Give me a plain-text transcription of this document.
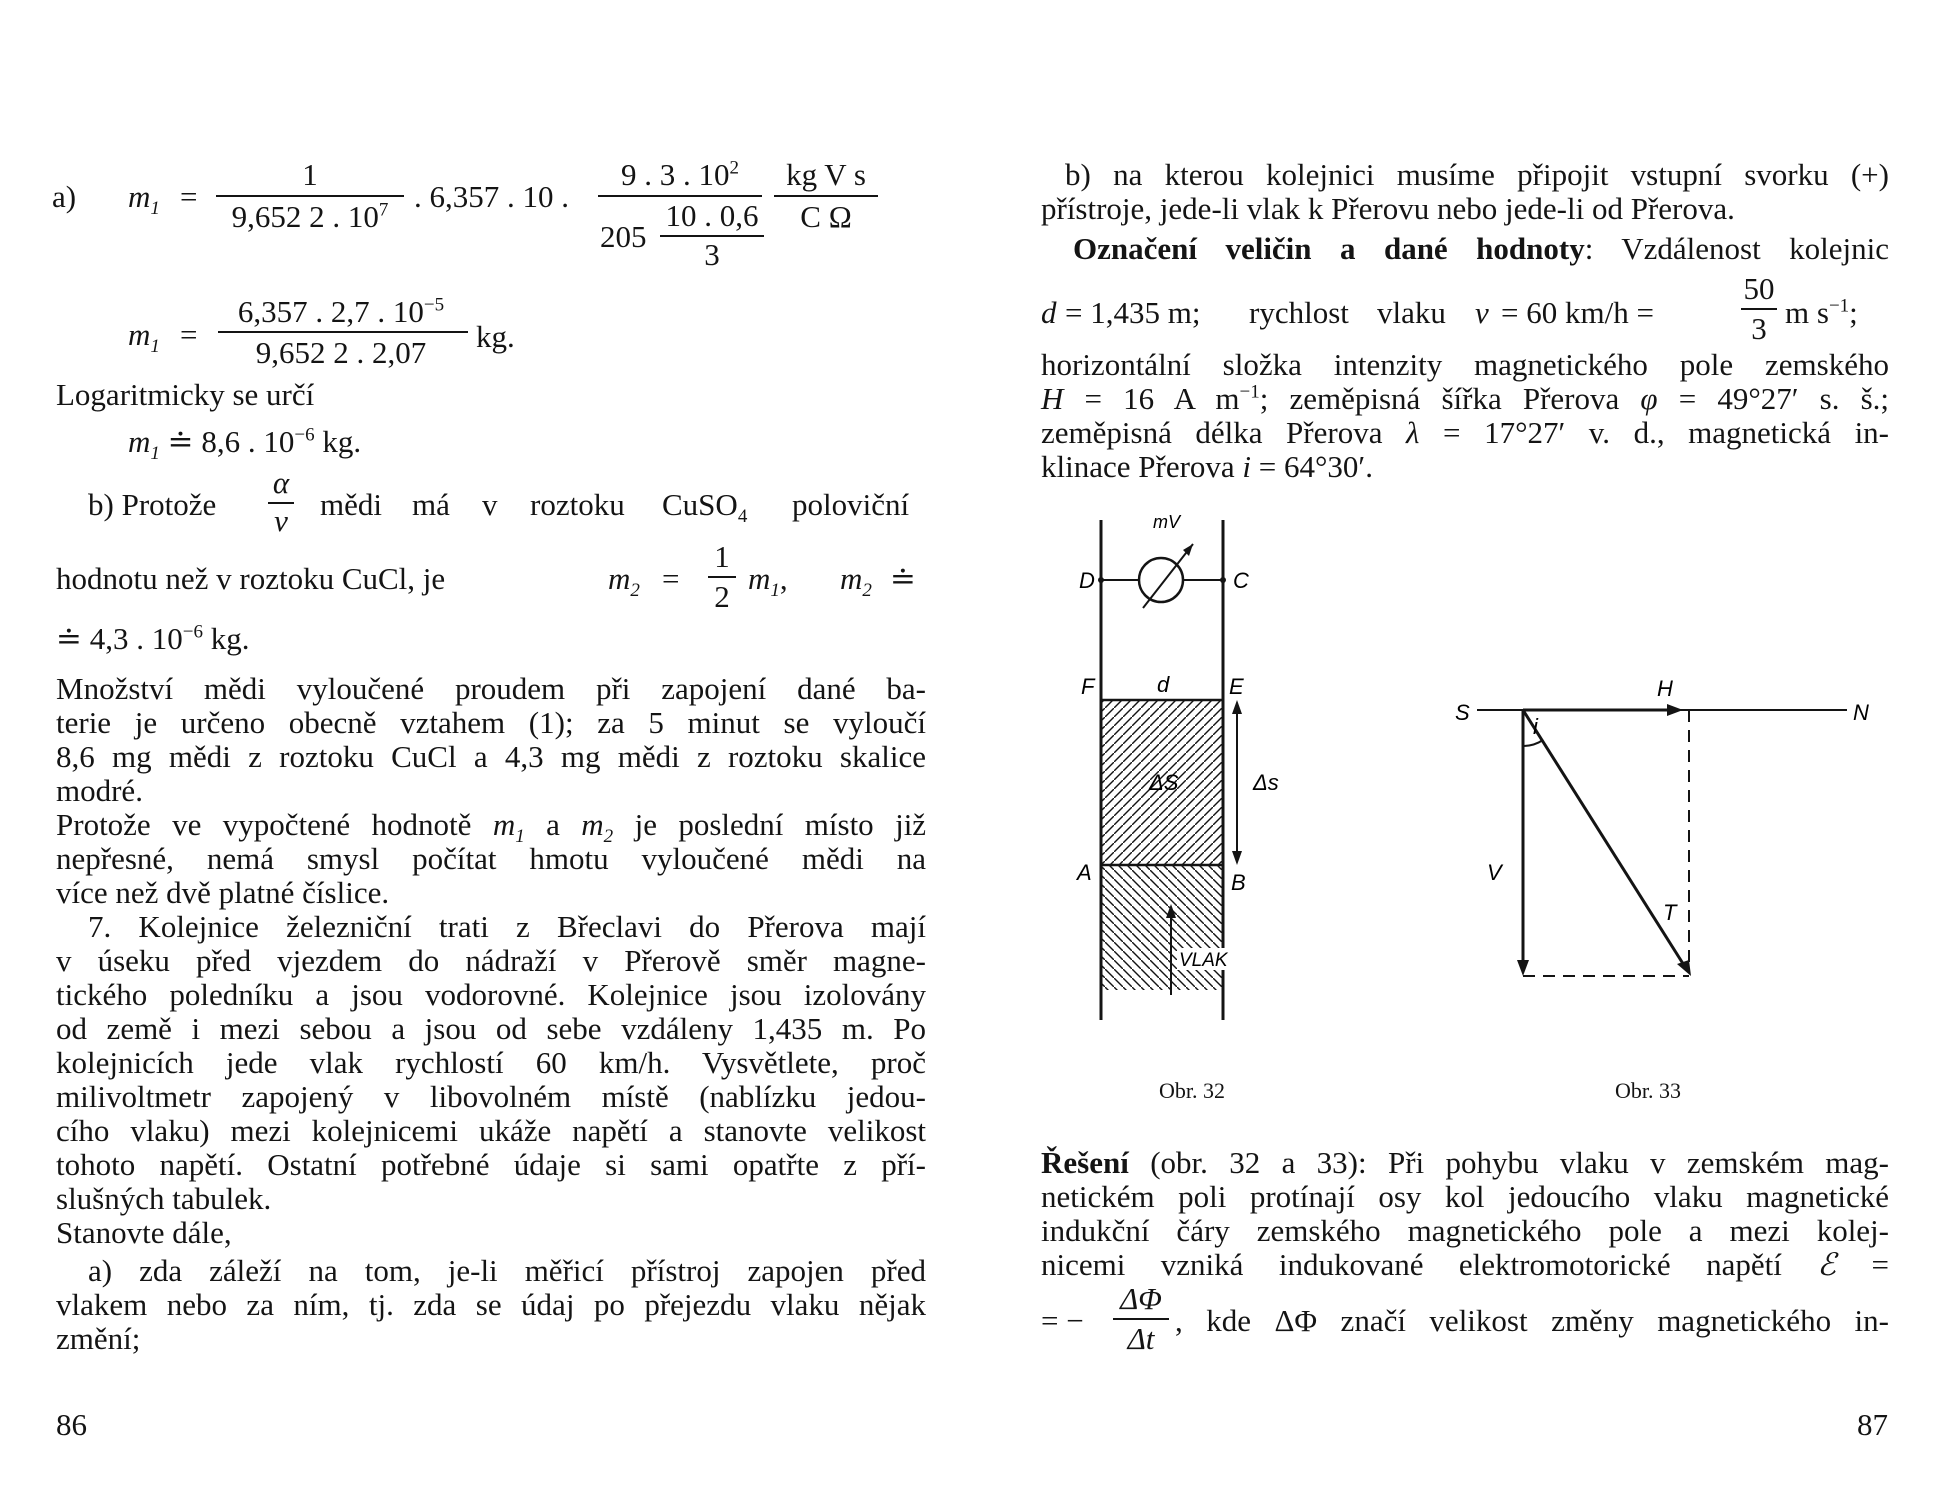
a) $m_1$ =
1
9,652 2 . $10^7$ . 6,357 . 10 .
9 . 3 . $10^2$
205
10 . 0,6
3
kg V s
C Ω
$m_1$ =
6,357 . 2,7 . $10^{-5}$
9,652 2 . 2,07	kg.
Logaritmicky se určí
$m_1$ ≐ 8,6 . $10^{-6}$ kg.
b) Protože
α
v mědi má v roztoku CuSO$_4$ poloviční
hodnotu než v roztoku CuCl, je	$m_2$ =
1
2
$m_1$, $m_2$ ≐
≐ 4,3 . $10^{-6}$ kg.
Množství mědi vyloučené proudem při zapojení dané ba-
terie je určeno obecně vztahem (1); za 5 minut se vyloučí
8,6 mg mědi z roztoku CuCl a 4,3 mg mědi z roztoku skalice
modré.
Protože ve vypočtené hodnotě $m_1$ a $m_2$ je poslední místo již
nepřesné, nemá smysl počítat hmotu vyloučené mědi na
více než dvě platné číslice.
7. Kolejnice železniční trati z Břeclavi do Přerova mají
v úseku před vjezdem do nádraží v Přerově směr magne-
tického poledníku a jsou vodorovné. Kolejnice jsou izolovány
od země i mezi sebou a jsou od sebe vzdáleny 1,435 m. Po
kolejnicích jede vlak rychlostí 60 km/h. Vysvětlete, proč
milivoltmetr zapojený v libovolném místě (nablízku jedou-
cího vlaku) mezi kolejnicemi ukáže napětí a stanovte velikost
tohoto napětí. Ostatní potřebné údaje si sami opatřte z pří-
slušných tabulek.
Stanovte dále,
a) zda záleží na tom, je-li měřicí přístroj zapojen před
vlakem nebo za ním, tj. zda se údaj po přejezdu vlaku nějak
změní;
86
b) na kterou kolejnici musíme připojit vstupní svorku (+)
přístroje, jede-li vlak k Přerovu nebo jede-li od Přerova.
Označení veličin a dané hodnoty: Vzdálenost kolejnic
d = 1,435 m; rychlost vlaku v = 60 km/h =
50
3 m $s^{-1}$;
horizontální složka intenzity magnetického pole zemského
H = 16 A $m^{-1}$; zeměpisná šířka Přerova φ = 49°27′ s. š.;
zeměpisná délka Přerova λ = 17°27′ v. d., magnetická in-
klinace Přerova i = 64°30′.
mV
D	C
F	d	E
ΔS	Δs
A	B
VLAK
S
H
N
i
V
T
Obr. 32	Obr. 33
Řešení (obr. 32 a 33): Při pohybu vlaku v zemském mag-
netickém poli protínají osy kol jedoucího vlaku magnetické
indukční čáry zemského magnetického pole a mezi kolej-
nicemi vzniká indukované elektromotorické napětí ℰ =
= −
ΔΦ
Δt
, kde ΔΦ značí velikost změny magnetického in-
87
